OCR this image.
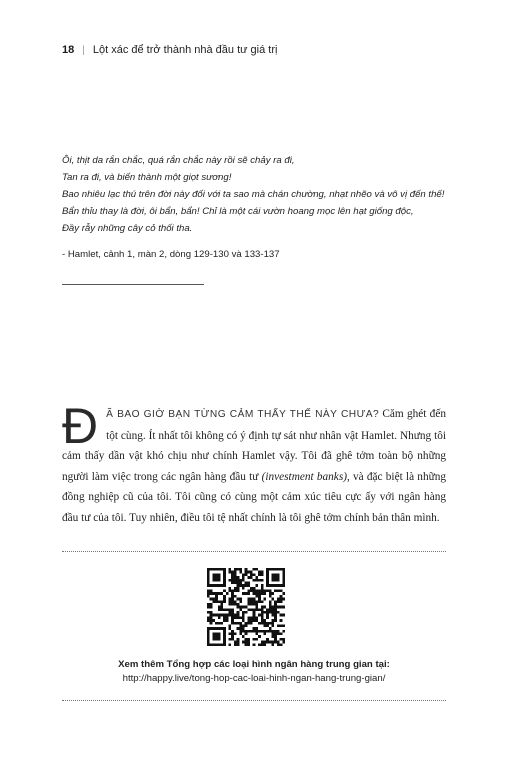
18 | Lột xác để trở thành nhà đầu tư giá trị
Ôi, thịt da rắn chắc, quá rắn chắc này rồi sẽ chảy ra đi,
Tan ra đi, và biến thành một giọt sương!
Bao nhiêu lạc thú trên đời này đối với ta sao mà chán chường, nhạt nhẽo và vô vị đến thế!
Bẩn thỉu thay là đời, ôi bẩn, bẩn! Chỉ là một cái vườn hoang mọc lên hạt giống độc,
Đầy rẫy những cây cỏ thối tha.
- Hamlet, cảnh 1, màn 2, dòng 129-130 và 133-137
Đ Ã BAO GIỜ BẠN TỪNG CẢM THẤY THẾ NÀY CHƯA? Căm ghét đến tột cùng. Ít nhất tôi không có ý định tự sát như nhân vật Hamlet. Nhưng tôi cảm thấy dần vật khó chịu như chính Hamlet vậy. Tôi đã ghê tởm toàn bộ những người làm việc trong các ngân hàng đầu tư (investment banks), và đặc biệt là những đồng nghiệp cũ của tôi. Tôi cũng có cùng một cảm xúc tiêu cực ấy với ngân hàng đầu tư của tôi. Tuy nhiên, điều tôi tệ nhất chính là tôi ghê tởm chính bản thân mình.
Xem thêm Tổng hợp các loại hình ngân hàng trung gian tại:
http://happy.live/tong-hop-cac-loai-hinh-ngan-hang-trung-gian/
